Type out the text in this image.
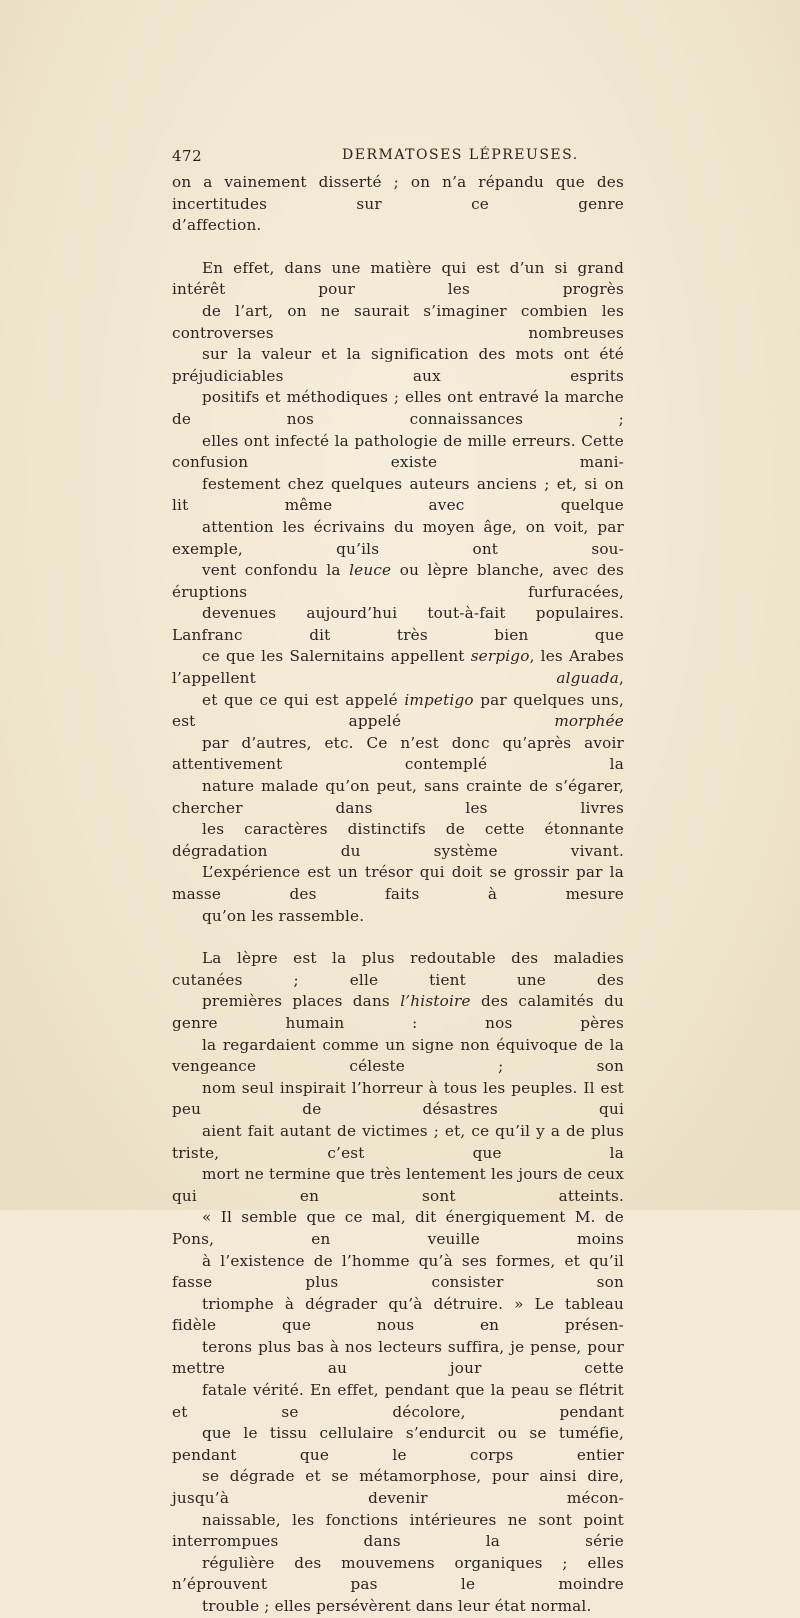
472	DERMATOSES LÉPREUSES.

on a vainement disserté ; on n’a répandu que des incertitudes sur ce genre
d’affection.

En effet, dans une matière qui est d’un si grand intérêt pour les progrès
de l’art, on ne saurait s’imaginer combien les controverses nombreuses
sur la valeur et la signification des mots ont été préjudiciables aux esprits
positifs et méthodiques ; elles ont entravé la marche de nos connaissances ;
elles ont infecté la pathologie de mille erreurs. Cette confusion existe mani-
festement chez quelques auteurs anciens ; et, si on lit même avec quelque
attention les écrivains du moyen âge, on voit, par exemple, qu’ils ont sou-
vent confondu la leuce ou lèpre blanche, avec des éruptions furfuracées,
devenues aujourd’hui tout-à-fait populaires. Lanfranc dit très bien que
ce que les Salernitains appellent serpigo, les Arabes l’appellent alguada,
et que ce qui est appelé impetigo par quelques uns, est appelé morphée
par d’autres, etc. Ce n’est donc qu’après avoir attentivement contemplé la
nature malade qu’on peut, sans crainte de s’égarer, chercher dans les livres
les caractères distinctifs de cette étonnante dégradation du système vivant.
L’expérience est un trésor qui doit se grossir par la masse des faits à mesure
qu’on les rassemble.

La lèpre est la plus redoutable des maladies cutanées ; elle tient une des
premières places dans l’histoire des calamités du genre humain : nos pères
la regardaient comme un signe non équivoque de la vengeance céleste ; son
nom seul inspirait l’horreur à tous les peuples. Il est peu de désastres qui
aient fait autant de victimes ; et, ce qu’il y a de plus triste, c’est que la
mort ne termine que très lentement les jours de ceux qui en sont atteints.
« Il semble que ce mal, dit énergiquement M. de Pons, en veuille moins
à l’existence de l’homme qu’à ses formes, et qu’il fasse plus consister son
triomphe à dégrader qu’à détruire. » Le tableau fidèle que nous en présen-
terons plus bas à nos lecteurs suffira, je pense, pour mettre au jour cette
fatale vérité. En effet, pendant que la peau se flétrit et se décolore, pendant
que le tissu cellulaire s’endurcit ou se tuméfie, pendant que le corps entier
se dégrade et se métamorphose, pour ainsi dire, jusqu’à devenir mécon-
naissable, les fonctions intérieures ne sont point interrompues dans la série
régulière des mouvemens organiques ; elles n’éprouvent pas le moindre
trouble ; elles persévèrent dans leur état normal.
